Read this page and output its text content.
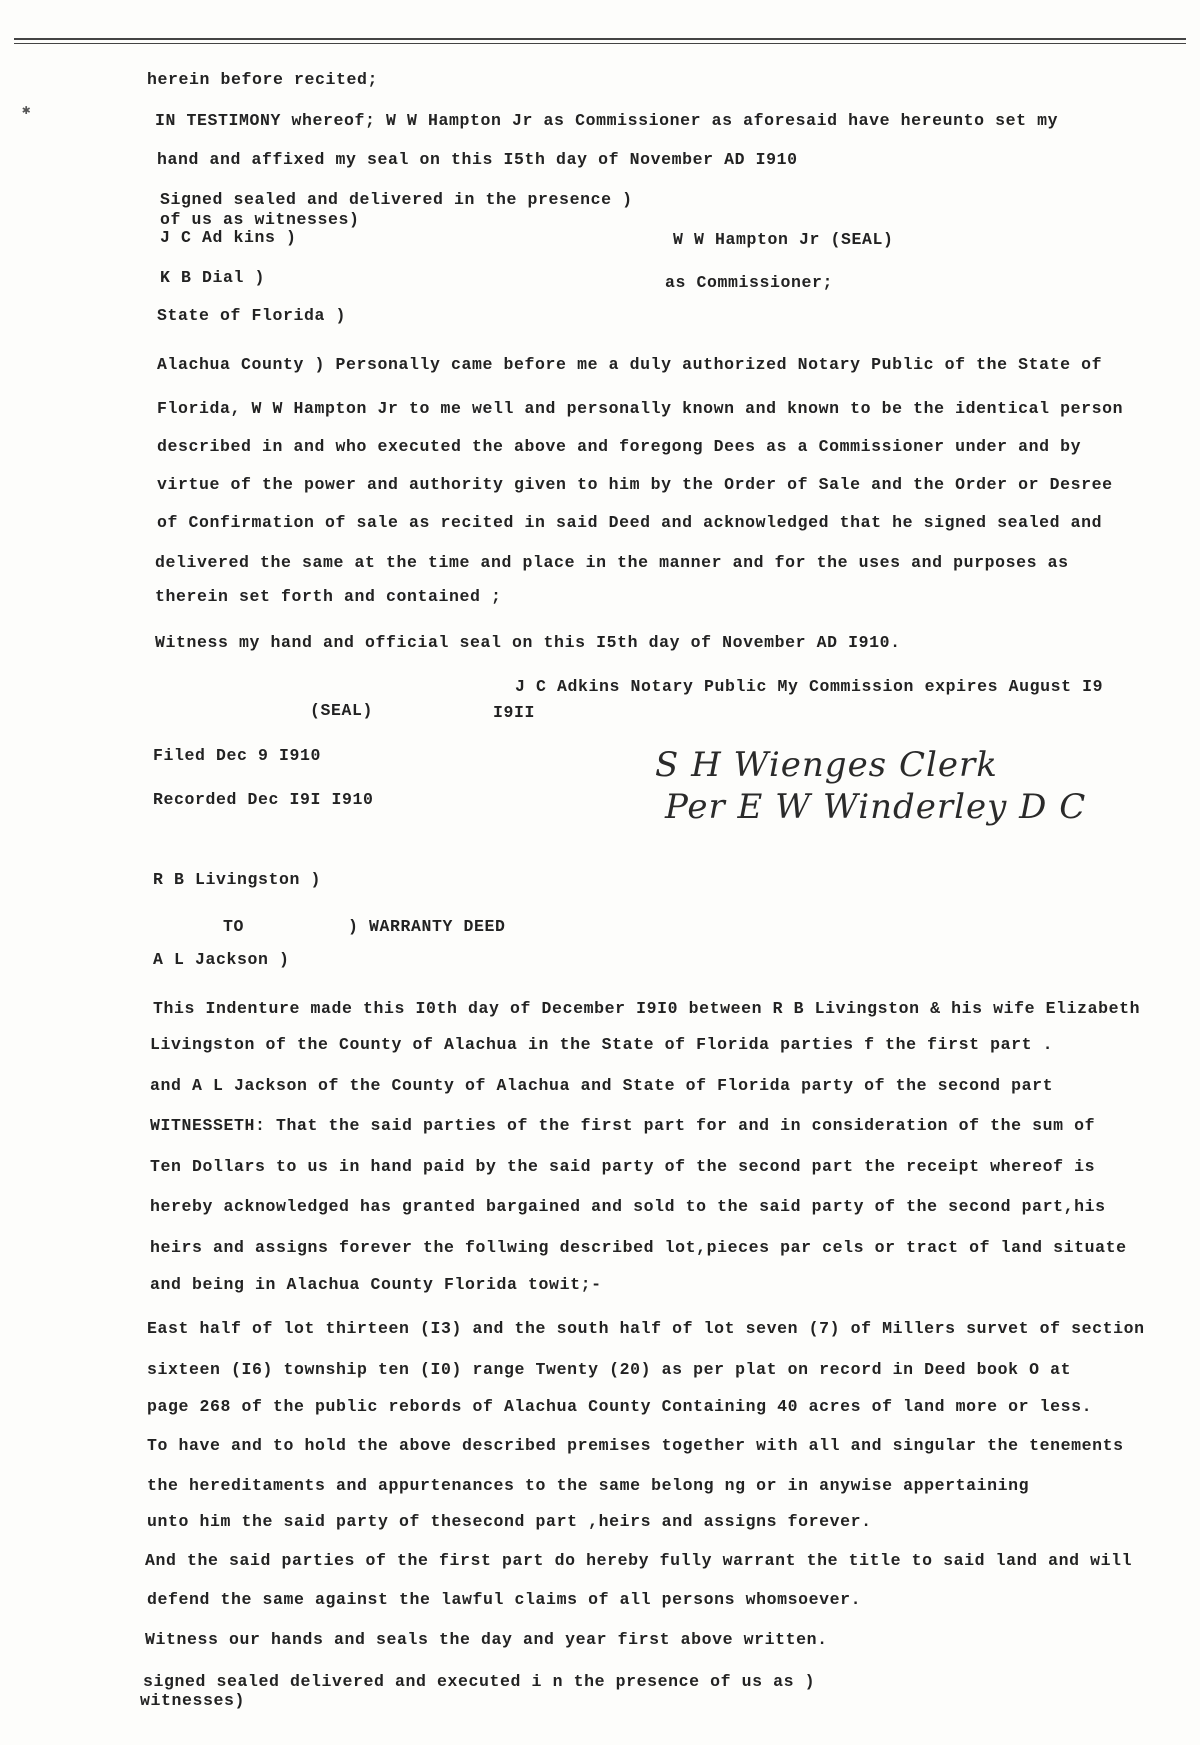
✱
herein before recited;
IN TESTIMONY whereof; W W Hampton Jr as Commissioner as aforesaid have hereunto set my
hand and affixed my seal on this I5th day of November AD I910
Signed sealed and delivered in the presence )
of us as witnesses)
J C Ad kins )	W W Hampton Jr (SEAL)
K B Dial )	as Commissioner;
State of Florida )
Alachua County ) Personally came before me a duly authorized Notary Public of the State of
Florida, W W Hampton Jr to me well and personally known and known to be the identical person
described in and who executed the above and foregong Dees as a Commissioner under and by
virtue of the power and authority given to him by the Order of Sale and the Order or Desree
of Confirmation of sale as recited in said Deed and acknowledged that he signed sealed and
delivered the same at the time and place in the manner and for the uses and purposes as
therein set forth and contained ;
Witness my hand and official seal on this I5th day of November AD I910.
J C Adkins Notary Public My Commission expires August I9
(SEAL)	I9II
Filed Dec 9 I910
Recorded Dec I9I I910
S H Wienges Clerk
Per E W Winderley D C
R B Livingston )
TO	) WARRANTY DEED
A L Jackson )
This Indenture made this I0th day of December I9I0 between R B Livingston & his wife Elizabeth
Livingston of the County of Alachua in the State of Florida parties f the first part .
and A L Jackson of the County of Alachua and State of Florida party of the second part
WITNESSETH: That the said parties of the first part for and in consideration of the sum of
Ten Dollars to us in hand paid by the said party of the second part the receipt whereof is
hereby acknowledged has granted bargained and sold to the said party of the second part,his
heirs and assigns forever the follwing described lot,pieces par cels or tract of land situate
and being in Alachua County Florida towit;-
East half of lot thirteen (I3) and the south half of lot seven (7) of Millers survet of section
sixteen (I6) township ten (I0) range Twenty (20) as per plat on record in Deed book O at
page 268 of the public rebords of Alachua County Containing 40 acres of land more or less.
To have and to hold the above described premises together with all and singular the tenements
the hereditaments and appurtenances to the same belong ng or in anywise appertaining
unto him the said party of thesecond part ,heirs and assigns forever.
And the said parties of the first part do hereby fully warrant the title to said land and will
defend the same against the lawful claims of all persons whomsoever.
Witness our hands and seals the day and year first above written.
signed sealed delivered and executed i n the presence of us as )
witnesses)
